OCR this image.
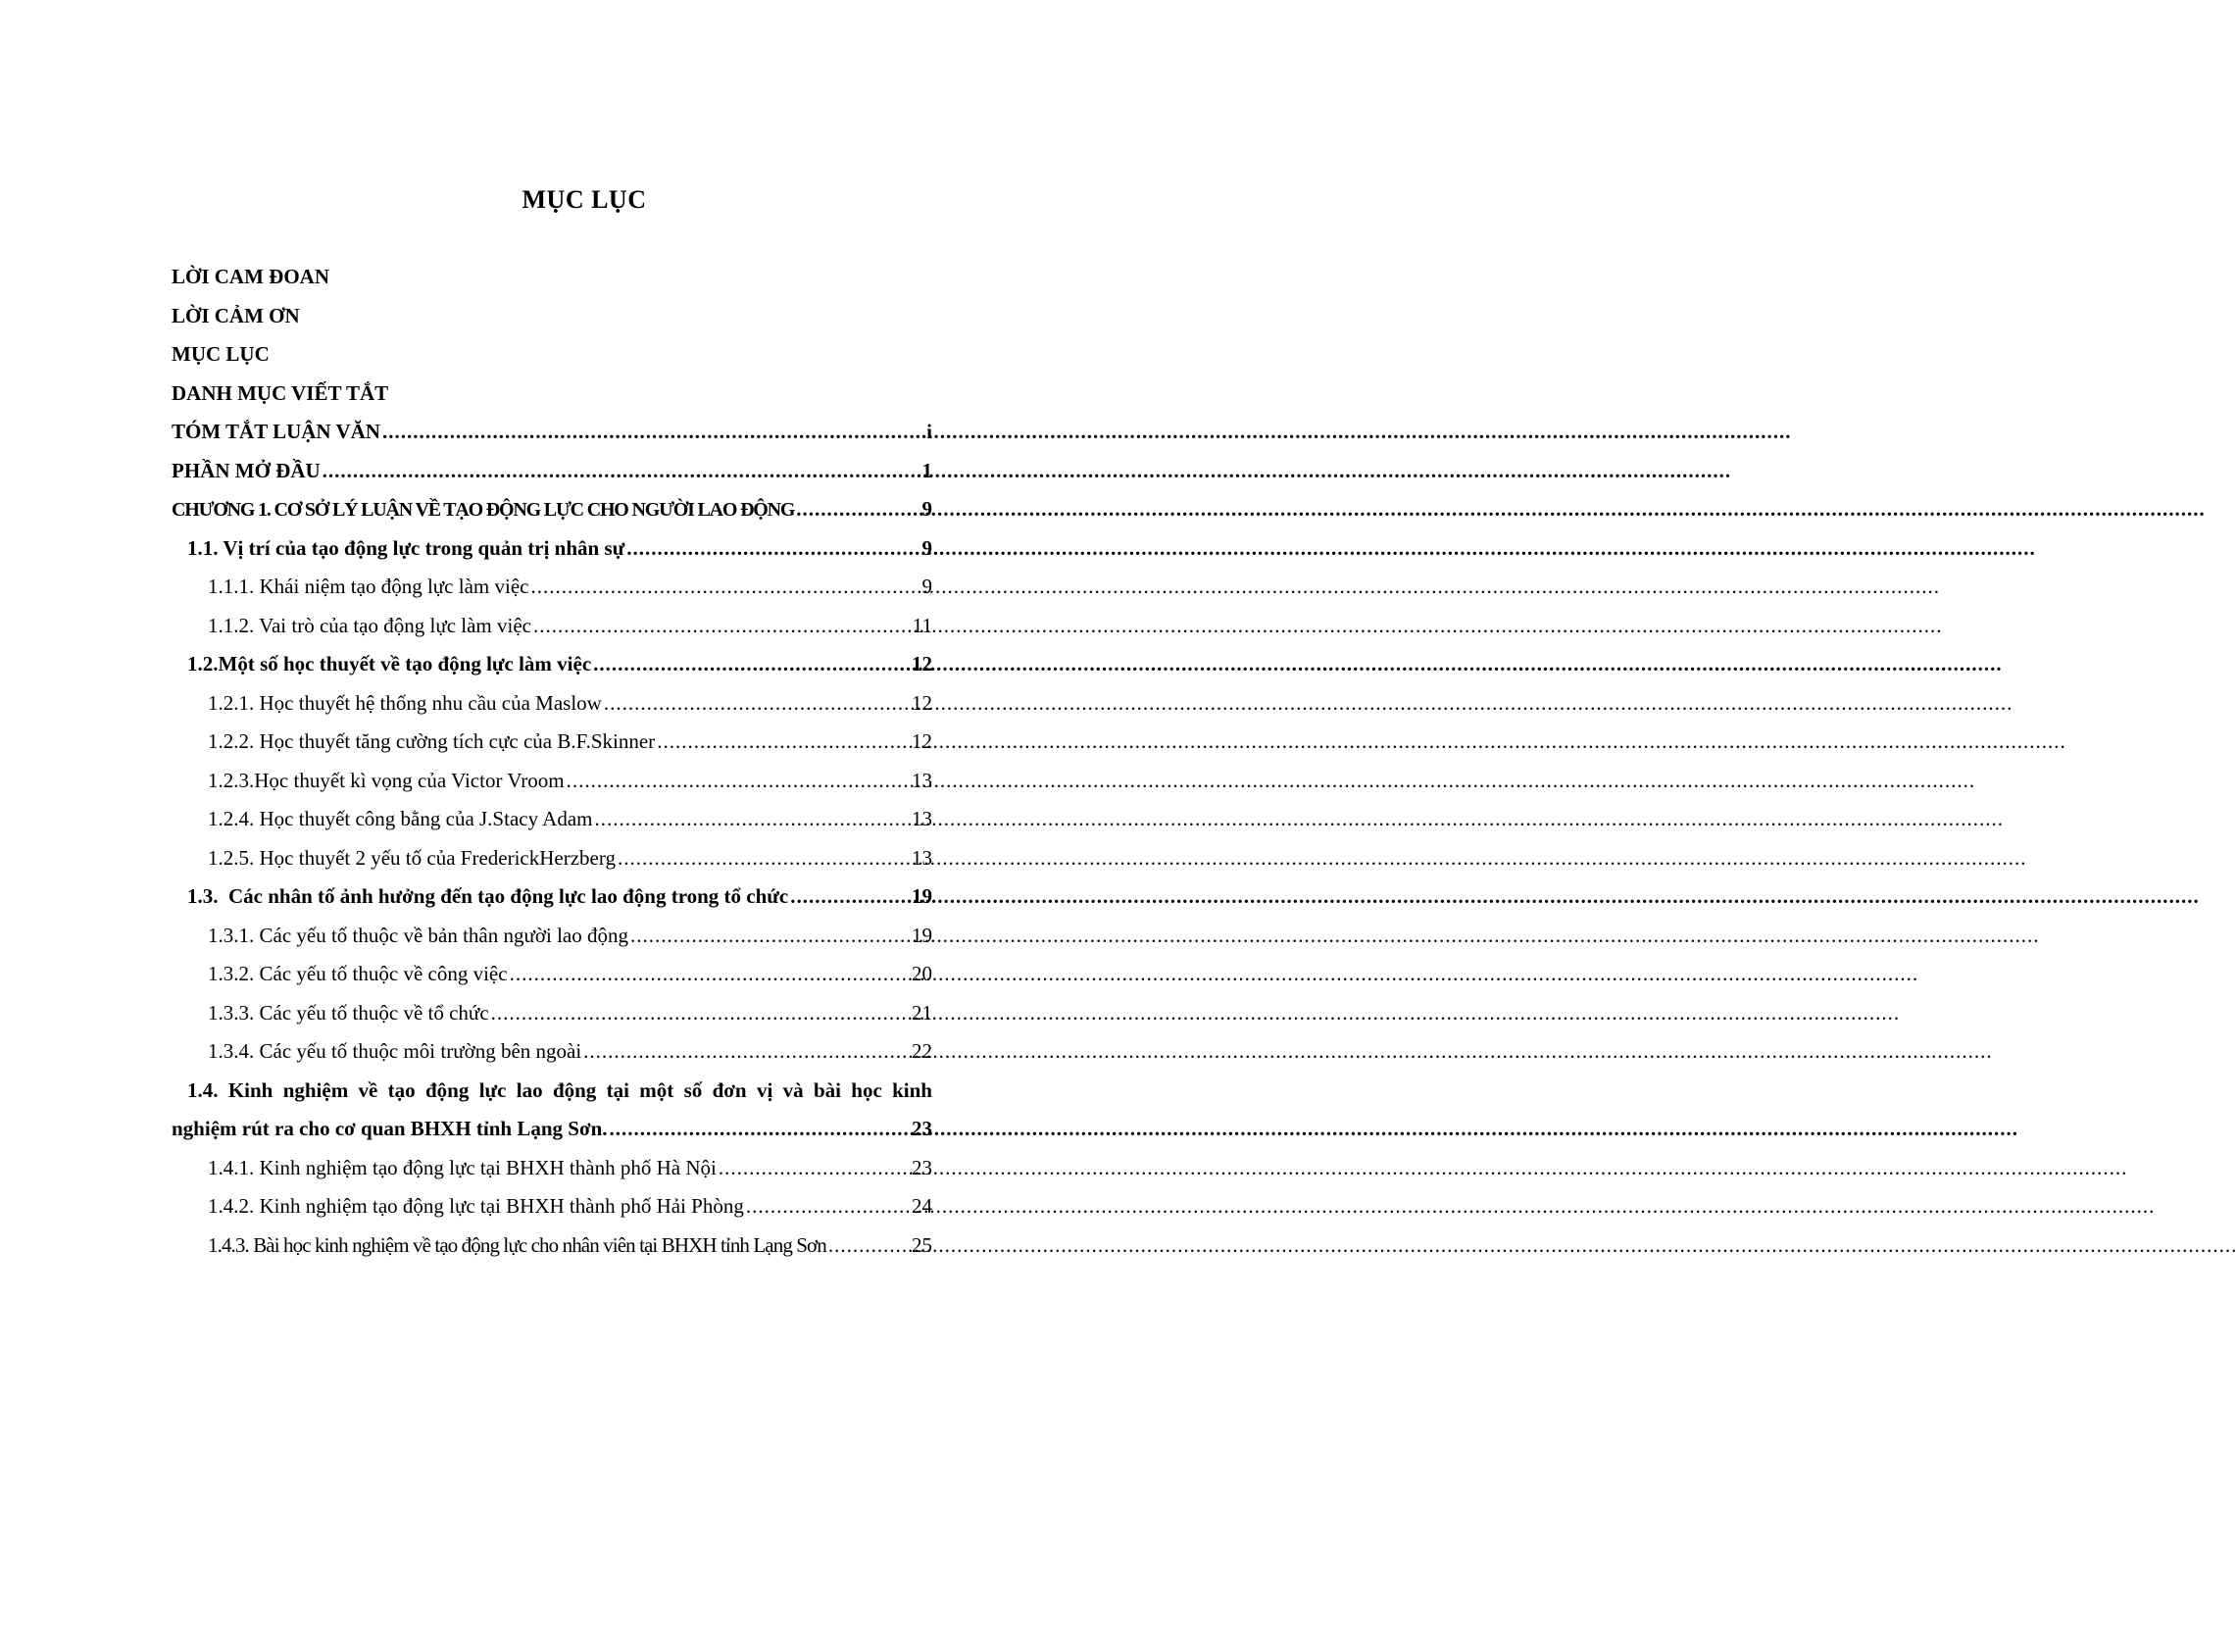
MỤC LỤC
LỜI CAM ĐOAN
LỜI CẢM ƠN
MỤC LỤC
DANH MỤC VIẾT TẮT
TÓM TẮT LUẬN VĂN .....	i
PHẦN MỞ ĐẦU .....	1
CHƯƠNG 1. CƠ SỞ LÝ LUẬN VỀ TẠO ĐỘNG LỰC CHO NGƯỜI LAO ĐỘNG .....	9
1.1. Vị trí của tạo động lực trong quản trị nhân sự .....	9
1.1.1. Khái niệm tạo động lực làm việc .....	9
1.1.2. Vai trò của tạo động lực làm việc .....	11
1.2.Một số học thuyết về tạo động lực làm việc .....	12
1.2.1. Học thuyết hệ thống nhu cầu của Maslow .....	12
1.2.2. Học thuyết tăng cường tích cực của B.F.Skinner .....	12
1.2.3.Học thuyết kì vọng của Victor Vroom .....	13
1.2.4. Học thuyết công bằng của J.Stacy Adam .....	13
1.2.5. Học thuyết 2 yếu tố của FrederickHerzberg .....	13
1.3.  Các nhân tố ảnh hưởng đến tạo động lực lao động trong tổ chức .....	19
1.3.1. Các yếu tố thuộc về bản thân người lao động .....	19
1.3.2. Các yếu tố thuộc về công việc .....	20
1.3.3. Các yếu tố thuộc về tổ chức .....	21
1.3.4. Các yếu tố thuộc môi trường bên ngoài .....	22
1.4. Kinh nghiệm về tạo động lực lao động tại một số đơn vị và bài học kinh
nghiệm rút ra cho cơ quan BHXH tỉnh Lạng Sơn. .....	23
1.4.1. Kinh nghiệm tạo động lực tại BHXH thành phố Hà Nội .....	23
1.4.2. Kinh nghiệm tạo động lực tại BHXH thành phố Hải Phòng .....	24
1.4.3. Bài học kinh nghiệm về tạo động lực cho nhân viên tại BHXH tỉnh Lạng Sơn .....	25
